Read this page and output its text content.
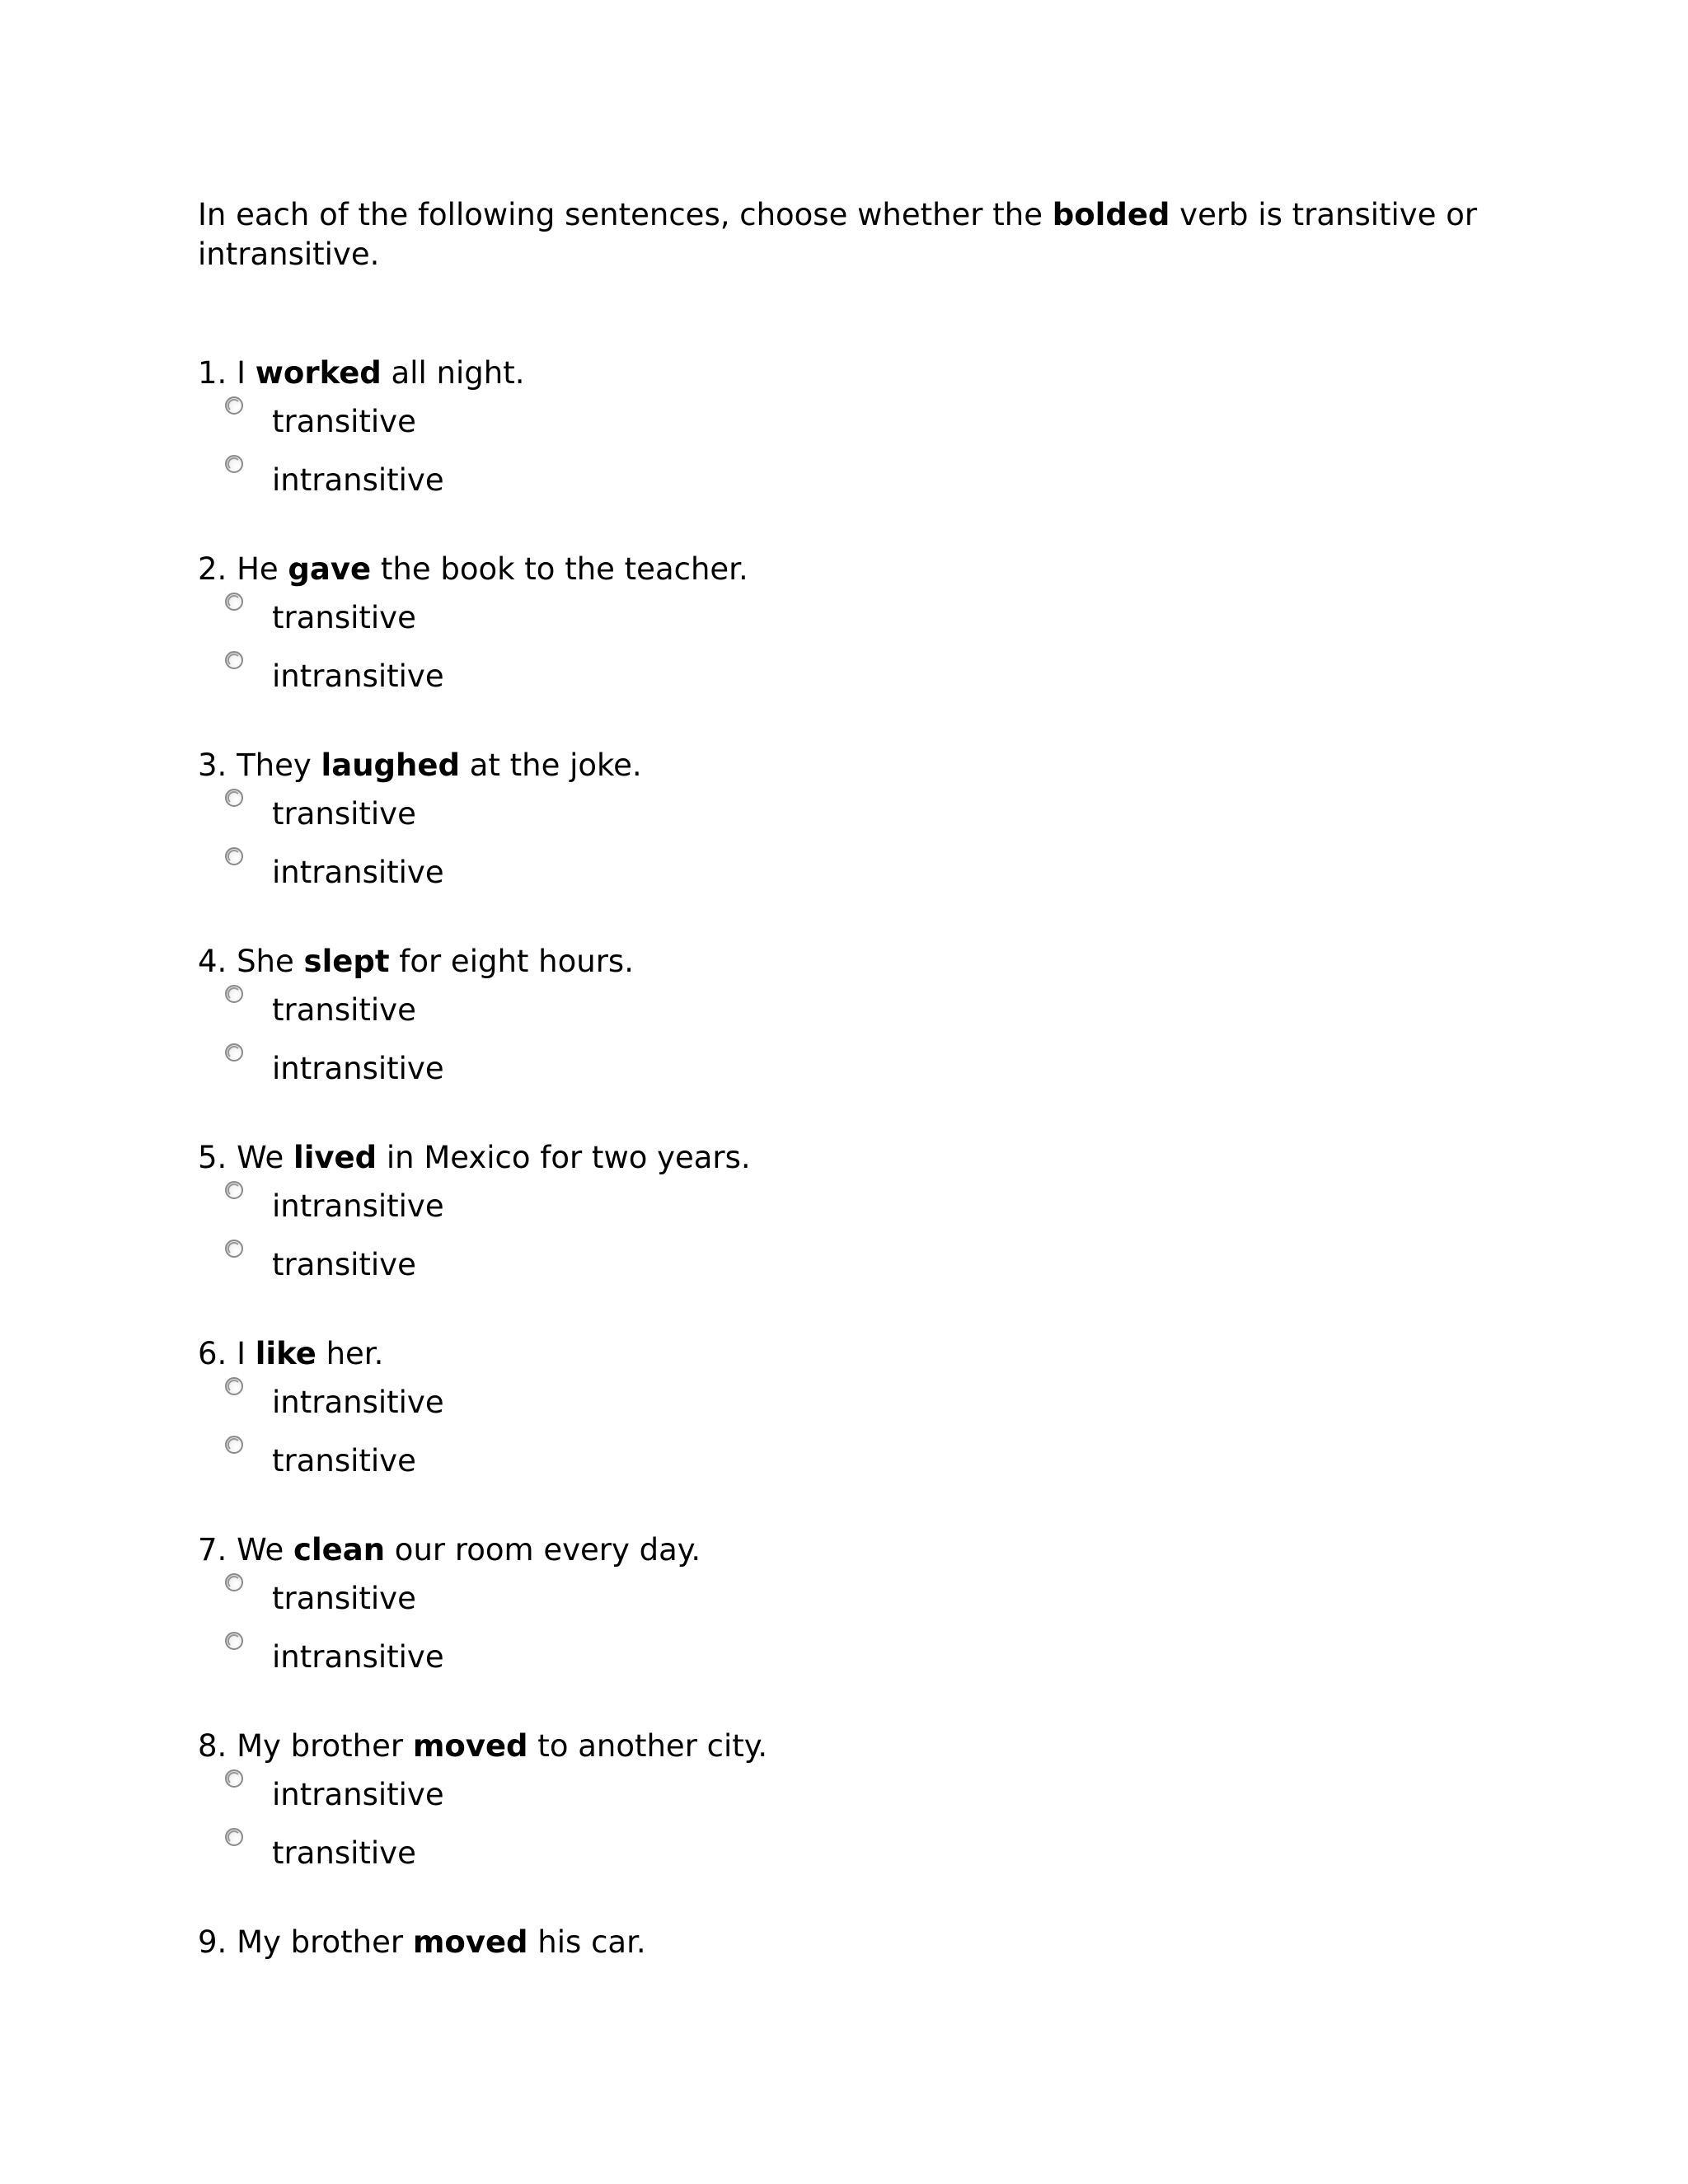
In each of the following sentences, choose whether the bolded verb is transitive or intransitive.
1. I worked all night.
transitive
intransitive
2. He gave the book to the teacher.
transitive
intransitive
3. They laughed at the joke.
transitive
intransitive
4. She slept for eight hours.
transitive
intransitive
5. We lived in Mexico for two years.
intransitive
transitive
6. I like her.
intransitive
transitive
7. We clean our room every day.
transitive
intransitive
8. My brother moved to another city.
intransitive
transitive
9. My brother moved his car.
